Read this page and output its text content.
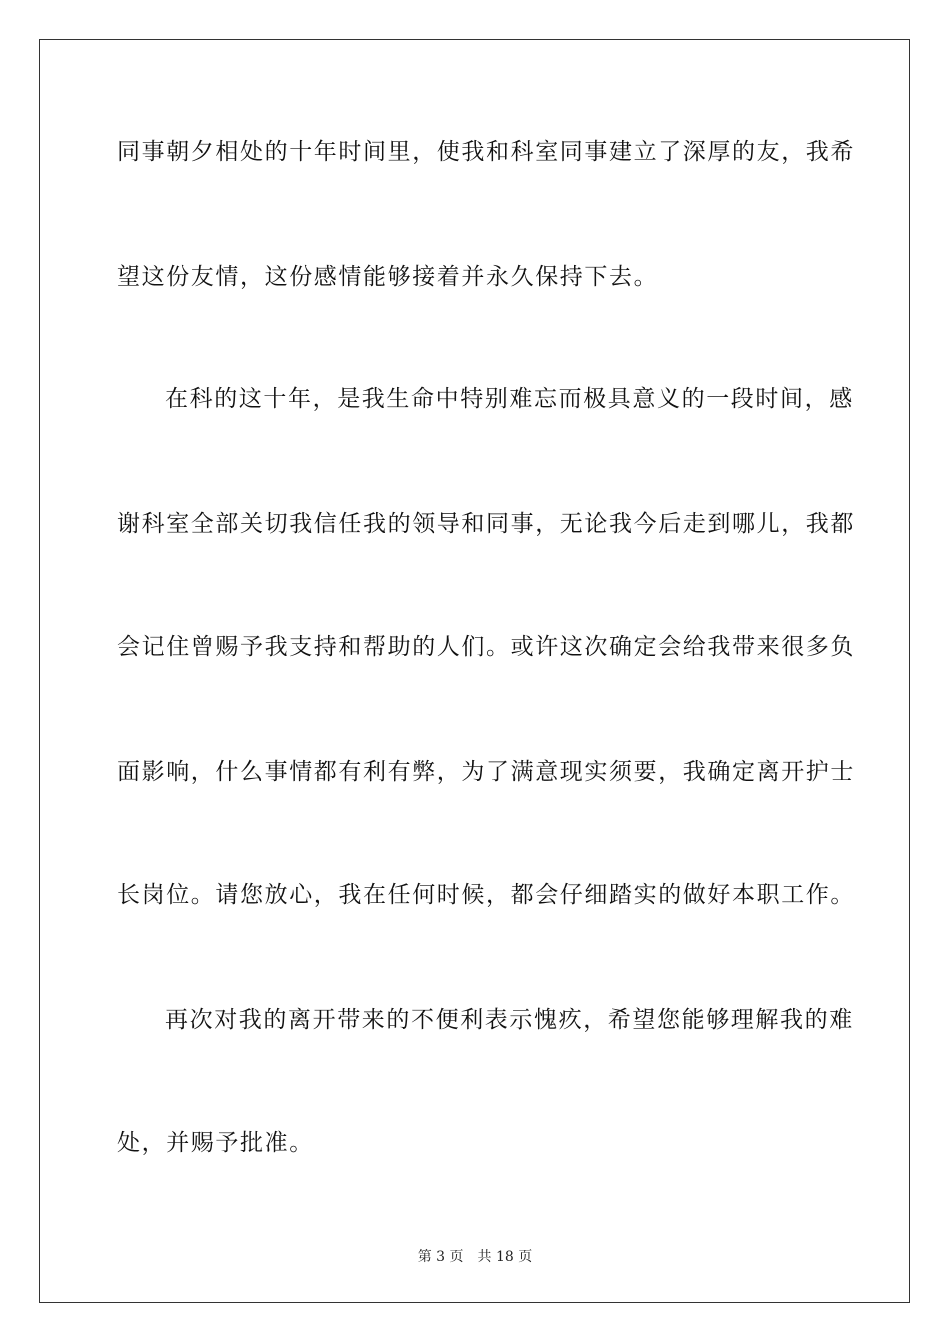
同事朝夕相处的十年时间里，使我和科室同事建立了深厚的友，我希
望这份友情，这份感情能够接着并永久保持下去。
在科的这十年，是我生命中特别难忘而极具意义的一段时间，感
谢科室全部关切我信任我的领导和同事，无论我今后走到哪儿，我都
会记住曾赐予我支持和帮助的人们。或许这次确定会给我带来很多负
面影响，什么事情都有利有弊，为了满意现实须要，我确定离开护士
长岗位。请您放心，我在任何时候，都会仔细踏实的做好本职工作。
再次对我的离开带来的不便利表示愧疚，希望您能够理解我的难
处，并赐予批准。
第 3 页 共 18 页
